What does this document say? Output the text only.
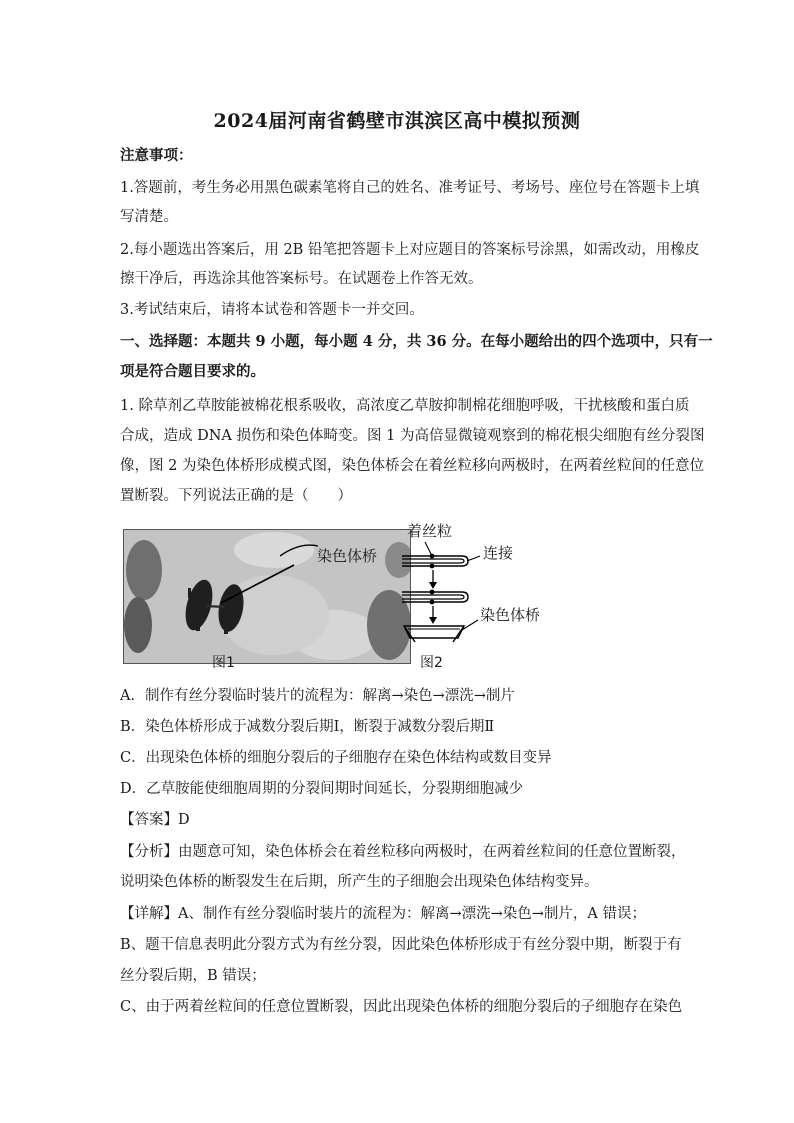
2024届河南省鹤壁市淇滨区高中模拟预测
注意事项：
1.答题前，考生务必用黑色碳素笔将自己的姓名、准考证号、考场号、座位号在答题卡上填
写清楚。
2.每小题选出答案后，用 2B 铅笔把答题卡上对应题目的答案标号涂黑，如需改动，用橡皮
擦干净后，再选涂其他答案标号。在试题卷上作答无效。
3.考试结束后，请将本试卷和答题卡一并交回。
一、选择题：本题共 9 小题，每小题 4 分，共 36 分。在每小题给出的四个选项中，只有一
项是符合题目要求的。
1. 除草剂乙草胺能被棉花根系吸收，高浓度乙草胺抑制棉花细胞呼吸，干扰核酸和蛋白质
合成，造成 DNA 损伤和染色体畸变。图 1 为高倍显微镜观察到的棉花根尖细胞有丝分裂图
像，图 2 为染色体桥形成模式图，染色体桥会在着丝粒移向两极时，在两着丝粒间的任意位
置断裂。下列说法正确的是（　　）
图1
染色体桥
着丝粒
连接
染色体桥
图2
A．制作有丝分裂临时装片的流程为：解离→染色→漂洗→制片
B．染色体桥形成于减数分裂后期Ⅰ，断裂于减数分裂后期Ⅱ
C．出现染色体桥的细胞分裂后的子细胞存在染色体结构或数目变异
D．乙草胺能使细胞周期的分裂间期时间延长，分裂期细胞减少
【答案】D
【分析】由题意可知，染色体桥会在着丝粒移向两极时，在两着丝粒间的任意位置断裂，
说明染色体桥的断裂发生在后期，所产生的子细胞会出现染色体结构变异。
【详解】A、制作有丝分裂临时装片的流程为：解离→漂洗→染色→制片，A 错误；
B、题干信息表明此分裂方式为有丝分裂，因此染色体桥形成于有丝分裂中期，断裂于有
丝分裂后期，B 错误；
C、由于两着丝粒间的任意位置断裂，因此出现染色体桥的细胞分裂后的子细胞存在染色
